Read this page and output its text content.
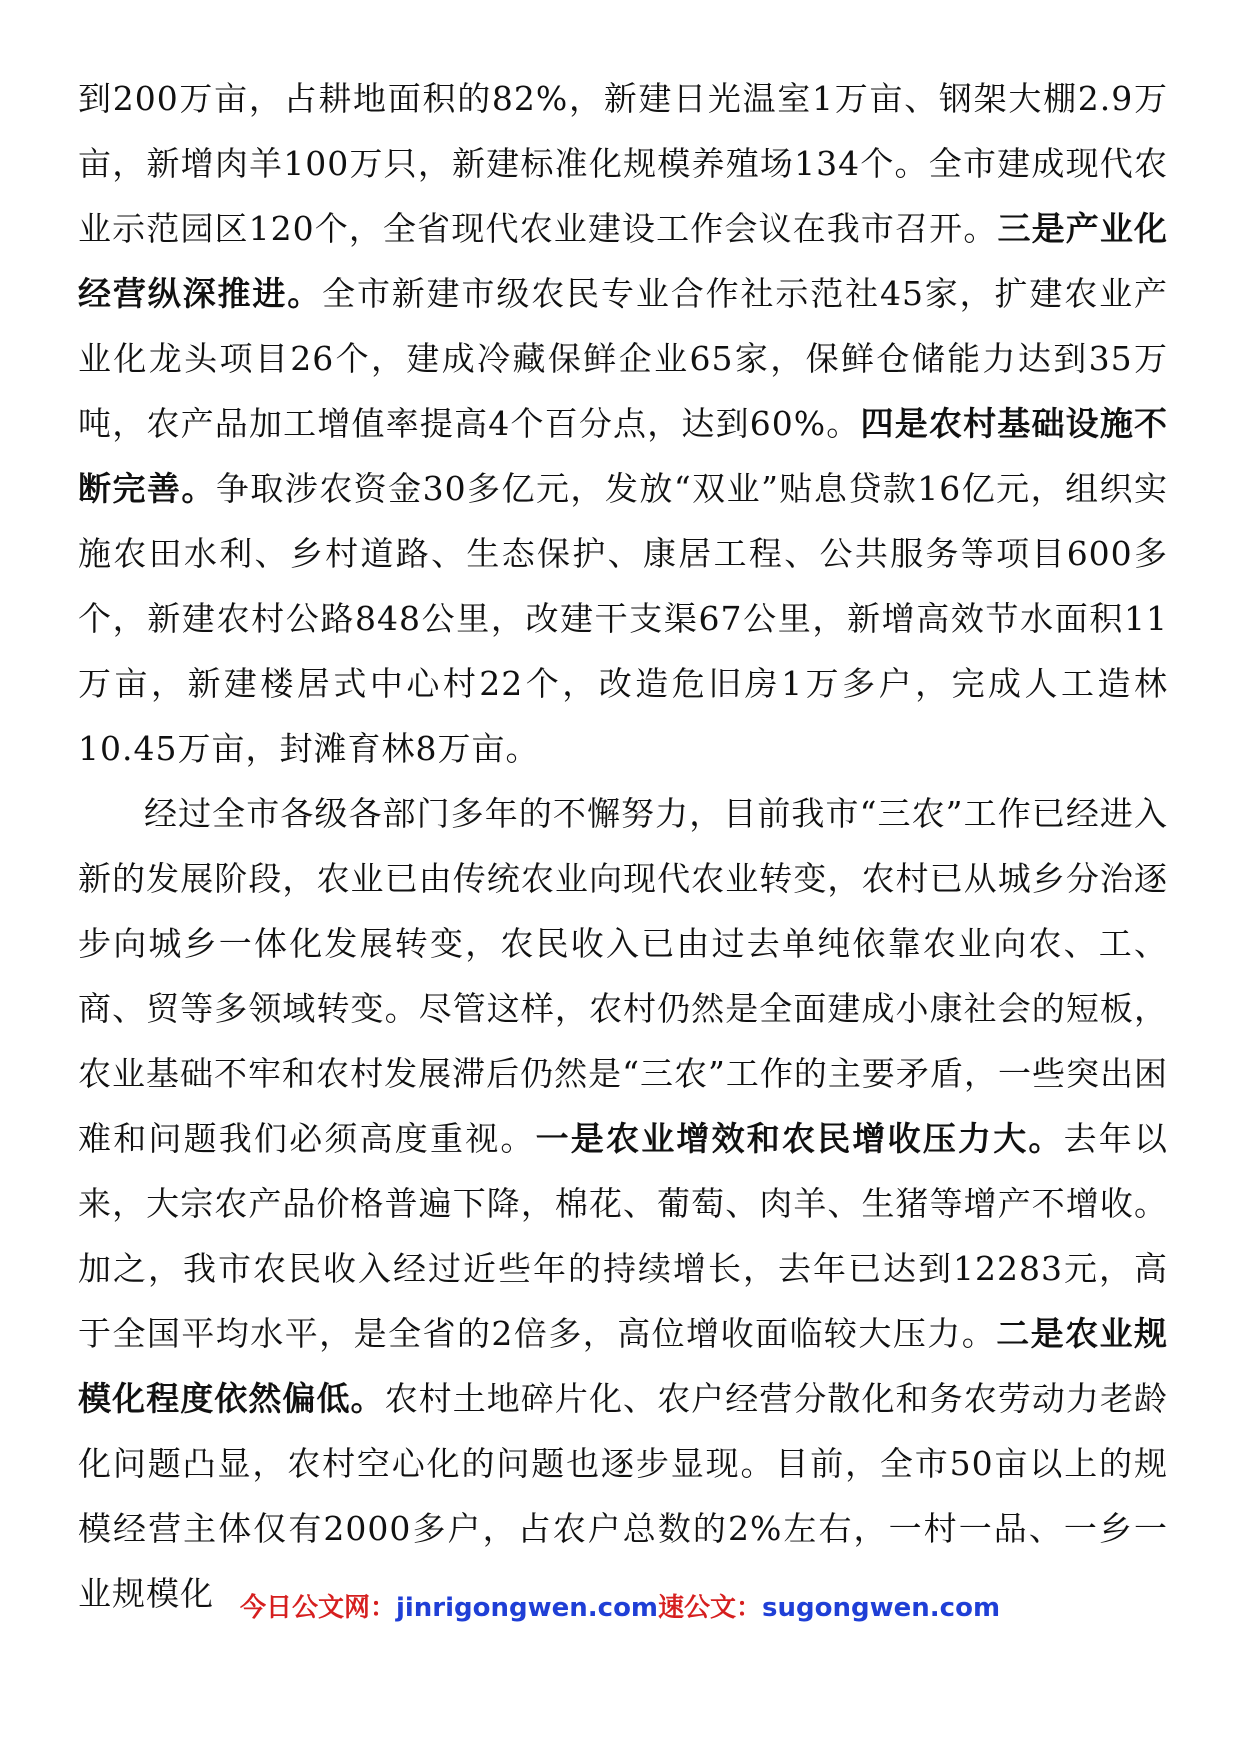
到200万亩，占耕地面积的82%，新建日光温室1万亩、钢架大棚2.9万亩，新增肉羊100万只，新建标准化规模养殖场134个。全市建成现代农业示范园区120个，全省现代农业建设工作会议在我市召开。三是产业化经营纵深推进。全市新建市级农民专业合作社示范社45家，扩建农业产业化龙头项目26个，建成冷藏保鲜企业65家，保鲜仓储能力达到35万吨，农产品加工增值率提高4个百分点，达到60%。四是农村基础设施不断完善。争取涉农资金30多亿元，发放“双业”贴息贷款16亿元，组织实施农田水利、乡村道路、生态保护、康居工程、公共服务等项目600多个，新建农村公路848公里，改建干支渠67公里，新增高效节水面积11万亩，新建楼居式中心村22个，改造危旧房1万多户，完成人工造林10.45万亩，封滩育林8万亩。

经过全市各级各部门多年的不懈努力，目前我市“三农”工作已经进入新的发展阶段，农业已由传统农业向现代农业转变，农村已从城乡分治逐步向城乡一体化发展转变，农民收入已由过去单纯依靠农业向农、工、商、贸等多领域转变。尽管这样，农村仍然是全面建成小康社会的短板，农业基础不牢和农村发展滞后仍然是“三农”工作的主要矛盾，一些突出困难和问题我们必须高度重视。一是农业增效和农民增收压力大。去年以来，大宗农产品价格普遍下降，棉花、葡萄、肉羊、生猪等增产不增收。加之，我市农民收入经过近些年的持续增长，去年已达到12283元，高于全国平均水平，是全省的2倍多，高位增收面临较大压力。二是农业规模化程度依然偏低。农村土地碎片化、农户经营分散化和务农劳动力老龄化问题凸显，农村空心化的问题也逐步显现。目前，全市50亩以上的规模经营主体仅有2000多户，占农户总数的2%左右，一村一品、一乡一业规模化 今日公文网：jinrigongwen.com速公文：sugongwen.com
